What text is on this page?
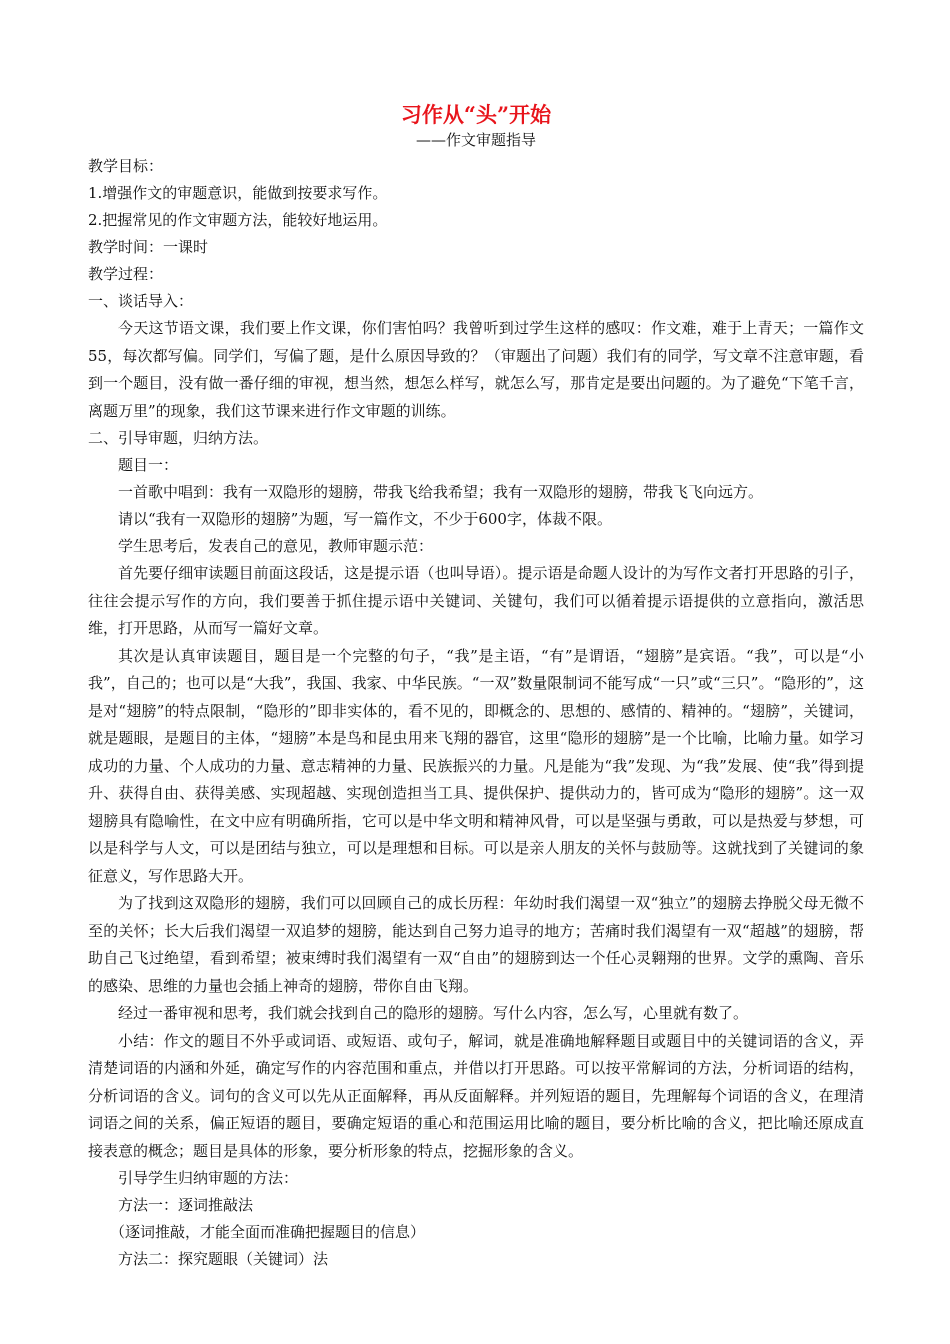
习作从“头”开始
——作文审题指导

教学目标：

1.增强作文的审题意识，能做到按要求写作。

2.把握常见的作文审题方法，能较好地运用。

教学时间：一课时

教学过程：

一、谈话导入：

今天这节语文课，我们要上作文课，你们害怕吗？我曾听到过学生这样的感叹：作文难，难于上青天；一篇作文55，每次都写偏。同学们，写偏了题，是什么原因导致的？（审题出了问题）我们有的同学，写文章不注意审题，看到一个题目，没有做一番仔细的审视，想当然，想怎么样写，就怎么写，那肯定是要出问题的。为了避免“下笔千言，离题万里”的现象，我们这节课来进行作文审题的训练。

二、引导审题，归纳方法。

题目一：

一首歌中唱到：我有一双隐形的翅膀，带我飞给我希望；我有一双隐形的翅膀，带我飞飞向远方。

请以“我有一双隐形的翅膀”为题，写一篇作文，不少于600字，体裁不限。

学生思考后，发表自己的意见，教师审题示范：

首先要仔细审读题目前面这段话，这是提示语（也叫导语）。提示语是命题人设计的为写作文者打开思路的引子，往往会提示写作的方向，我们要善于抓住提示语中关键词、关键句，我们可以循着提示语提供的立意指向，激活思维，打开思路，从而写一篇好文章。

其次是认真审读题目，题目是一个完整的句子，“我”是主语，“有”是谓语，“翅膀”是宾语。“我”，可以是“小我”，自己的；也可以是“大我”，我国、我家、中华民族。“一双”数量限制词不能写成“一只”或“三只”。“隐形的”，这是对“翅膀”的特点限制，“隐形的”即非实体的，看不见的，即概念的、思想的、感情的、精神的。“翅膀”，关键词，就是题眼，是题目的主体，“翅膀”本是鸟和昆虫用来飞翔的器官，这里“隐形的翅膀”是一个比喻，比喻力量。如学习成功的力量、个人成功的力量、意志精神的力量、民族振兴的力量。凡是能为“我”发现、为“我”发展、使“我”得到提升、获得自由、获得美感、实现超越、实现创造担当工具、提供保护、提供动力的，皆可成为“隐形的翅膀”。这一双翅膀具有隐喻性，在文中应有明确所指，它可以是中华文明和精神风骨，可以是坚强与勇敢，可以是热爱与梦想，可以是科学与人文，可以是团结与独立，可以是理想和目标。可以是亲人朋友的关怀与鼓励等。这就找到了关键词的象征意义，写作思路大开。

为了找到这双隐形的翅膀，我们可以回顾自己的成长历程：年幼时我们渴望一双“独立”的翅膀去挣脱父母无微不至的关怀；长大后我们渴望一双追梦的翅膀，能达到自己努力追寻的地方；苦痛时我们渴望有一双“超越”的翅膀，帮助自己飞过绝望，看到希望；被束缚时我们渴望有一双“自由”的翅膀到达一个任心灵翱翔的世界。文学的熏陶、音乐的感染、思维的力量也会插上神奇的翅膀，带你自由飞翔。

经过一番审视和思考，我们就会找到自己的隐形的翅膀。写什么内容，怎么写，心里就有数了。

小结：作文的题目不外乎或词语、或短语、或句子，解词，就是准确地解释题目或题目中的关键词语的含义，弄清楚词语的内涵和外延，确定写作的内容范围和重点，并借以打开思路。可以按平常解词的方法，分析词语的结构，分析词语的含义。词句的含义可以先从正面解释，再从反面解释。并列短语的题目，先理解每个词语的含义，在理清词语之间的关系，偏正短语的题目，要确定短语的重心和范围运用比喻的题目，要分析比喻的含义，把比喻还原成直接表意的概念；题目是具体的形象，要分析形象的特点，挖掘形象的含义。

引导学生归纳审题的方法：

方法一：逐词推敲法

（逐词推敲，才能全面而准确把握题目的信息）

方法二：探究题眼（关键词）法
